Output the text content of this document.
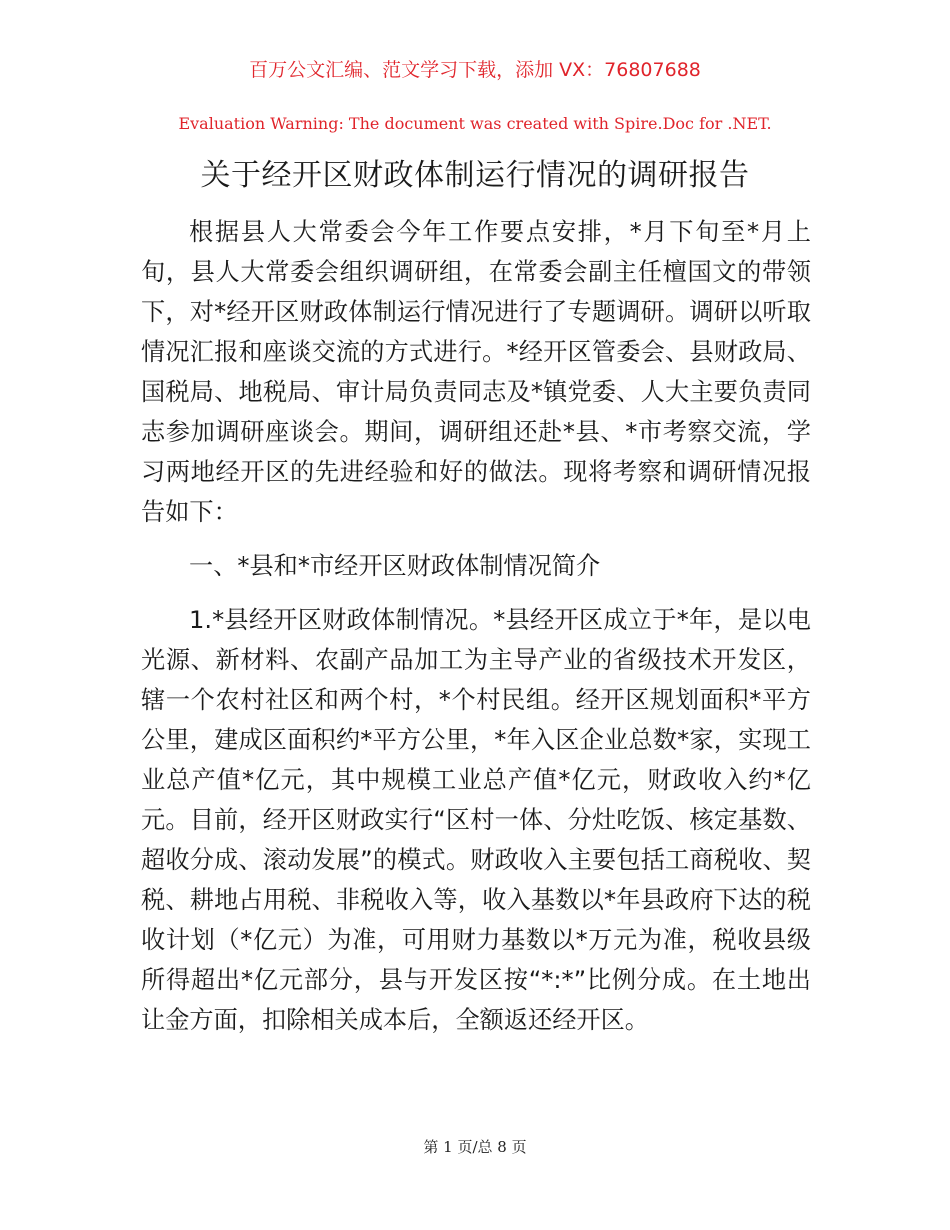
百万公文汇编、范文学习下载，添加 VX：76807688
Evaluation Warning: The document was created with Spire.Doc for .NET.
关于经开区财政体制运行情况的调研报告

根据县人大常委会今年工作要点安排，*月下旬至*月上旬，县人大常委会组织调研组，在常委会副主任檀国文的带领下，对*经开区财政体制运行情况进行了专题调研。调研以听取情况汇报和座谈交流的方式进行。*经开区管委会、县财政局、国税局、地税局、审计局负责同志及*镇党委、人大主要负责同志参加调研座谈会。期间，调研组还赴*县、*市考察交流，学习两地经开区的先进经验和好的做法。现将考察和调研情况报告如下：

一、*县和*市经开区财政体制情况简介

1.*县经开区财政体制情况。*县经开区成立于*年，是以电光源、新材料、农副产品加工为主导产业的省级技术开发区，辖一个农村社区和两个村，*个村民组。经开区规划面积*平方公里，建成区面积约*平方公里，*年入区企业总数*家，实现工业总产值*亿元，其中规模工业总产值*亿元，财政收入约*亿元。目前，经开区财政实行“区村一体、分灶吃饭、核定基数、超收分成、滚动发展”的模式。财政收入主要包括工商税收、契税、耕地占用税、非税收入等，收入基数以*年县政府下达的税收计划（*亿元）为准，可用财力基数以*万元为准，税收县级所得超出*亿元部分，县与开发区按“*:*”比例分成。在土地出让金方面，扣除相关成本后，全额返还经开区。

第 1 页/总 8 页
